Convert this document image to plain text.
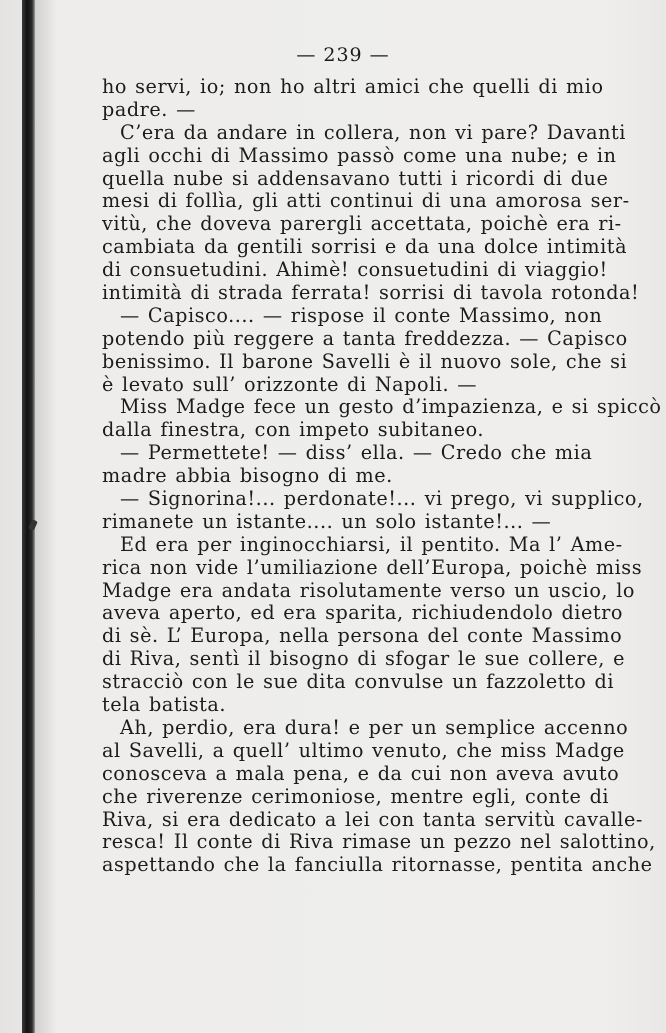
— 239 —
ho servi, io; non ho altri amici che quelli di mio
padre. —
C’era da andare in collera, non vi pare? Davanti
agli occhi di Massimo passò come una nube; e in
quella nube si addensavano tutti i ricordi di due
mesi di follìa, gli atti continui di una amorosa ser-
vitù, che doveva parergli accettata, poichè era ri-
cambiata da gentili sorrisi e da una dolce intimità
di consuetudini. Ahimè! consuetudini di viaggio!
intimità di strada ferrata! sorrisi di tavola rotonda!
— Capisco.... — rispose il conte Massimo, non
potendo più reggere a tanta freddezza. — Capisco
benissimo. Il barone Savelli è il nuovo sole, che si
è levato sull’ orizzonte di Napoli. —
Miss Madge fece un gesto d’impazienza, e si spiccò
dalla finestra, con impeto subitaneo.
— Permettete! — diss’ ella. — Credo che mia
madre abbia bisogno di me.
— Signorina!... perdonate!... vi prego, vi supplico,
rimanete un istante.... un solo istante!... —
Ed era per inginocchiarsi, il pentito. Ma l’ Ame-
rica non vide l’umiliazione dell’Europa, poichè miss
Madge era andata risolutamente verso un uscio, lo
aveva aperto, ed era sparita, richiudendolo dietro
di sè. L’ Europa, nella persona del conte Massimo
di Riva, sentì il bisogno di sfogar le sue collere, e
stracciò con le sue dita convulse un fazzoletto di
tela batista.
Ah, perdio, era dura! e per un semplice accenno
al Savelli, a quell’ ultimo venuto, che miss Madge
conosceva a mala pena, e da cui non aveva avuto
che riverenze cerimoniose, mentre egli, conte di
Riva, si era dedicato a lei con tanta servitù cavalle-
resca! Il conte di Riva rimase un pezzo nel salottino,
aspettando che la fanciulla ritornasse, pentita anche
